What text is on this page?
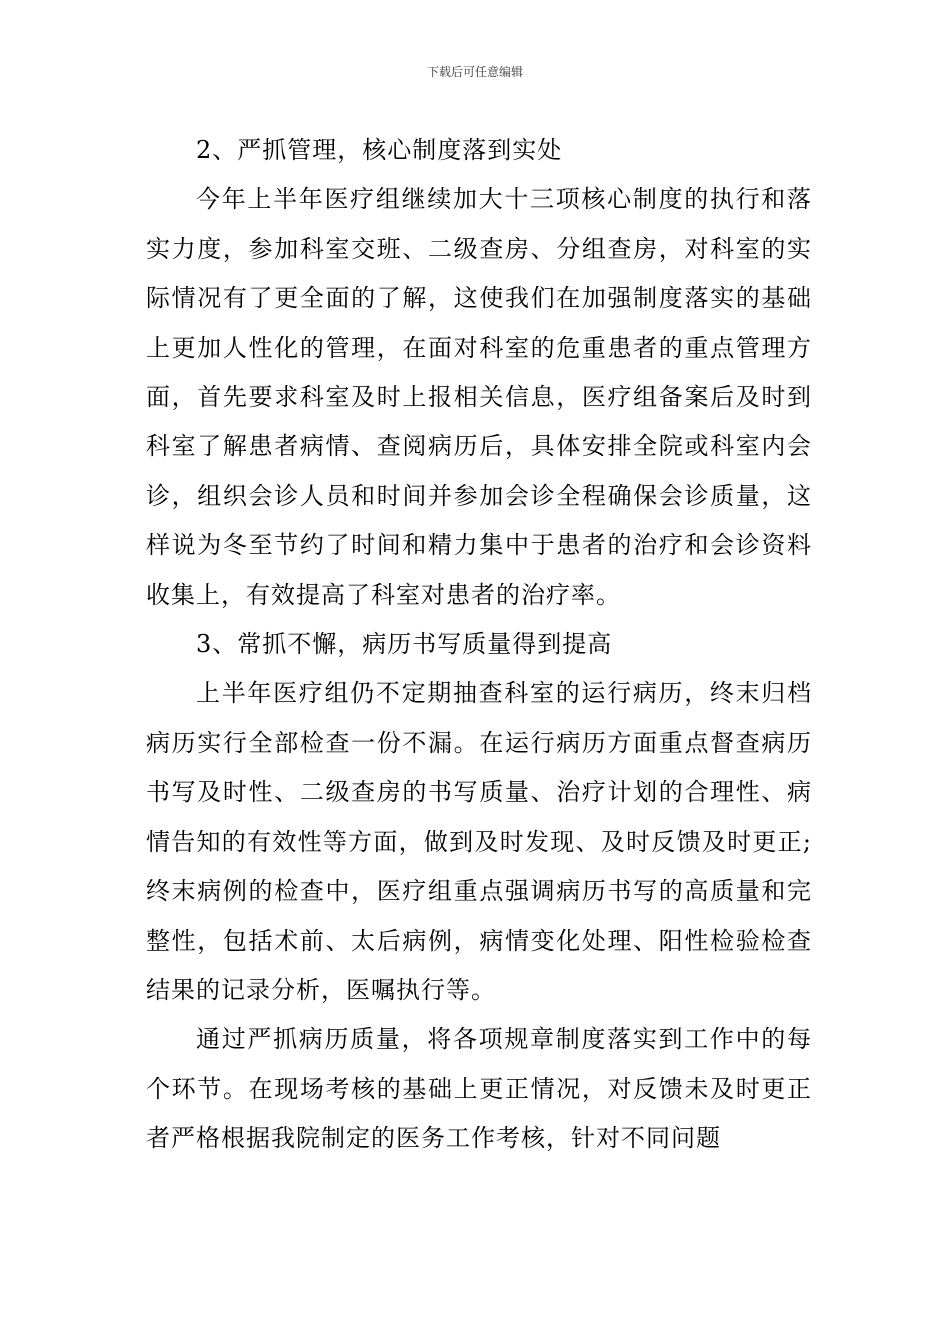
下载后可任意编辑

2、严抓管理，核心制度落到实处

今年上半年医疗组继续加大十三项核心制度的执行和落实力度，参加科室交班、二级查房、分组查房，对科室的实际情况有了更全面的了解，这使我们在加强制度落实的基础上更加人性化的管理，在面对科室的危重患者的重点管理方面，首先要求科室及时上报相关信息，医疗组备案后及时到科室了解患者病情、查阅病历后，具体安排全院或科室内会诊，组织会诊人员和时间并参加会诊全程确保会诊质量，这样说为冬至节约了时间和精力集中于患者的治疗和会诊资料收集上，有效提高了科室对患者的治疗率。

3、常抓不懈，病历书写质量得到提高

上半年医疗组仍不定期抽查科室的运行病历，终末归档病历实行全部检查一份不漏。在运行病历方面重点督查病历书写及时性、二级查房的书写质量、治疗计划的合理性、病情告知的有效性等方面，做到及时发现、及时反馈及时更正;终末病例的检查中，医疗组重点强调病历书写的高质量和完整性，包括术前、太后病例，病情变化处理、阳性检验检查结果的记录分析，医嘱执行等。

通过严抓病历质量，将各项规章制度落实到工作中的每个环节。在现场考核的基础上更正情况，对反馈未及时更正者严格根据我院制定的医务工作考核，针对不同问题
